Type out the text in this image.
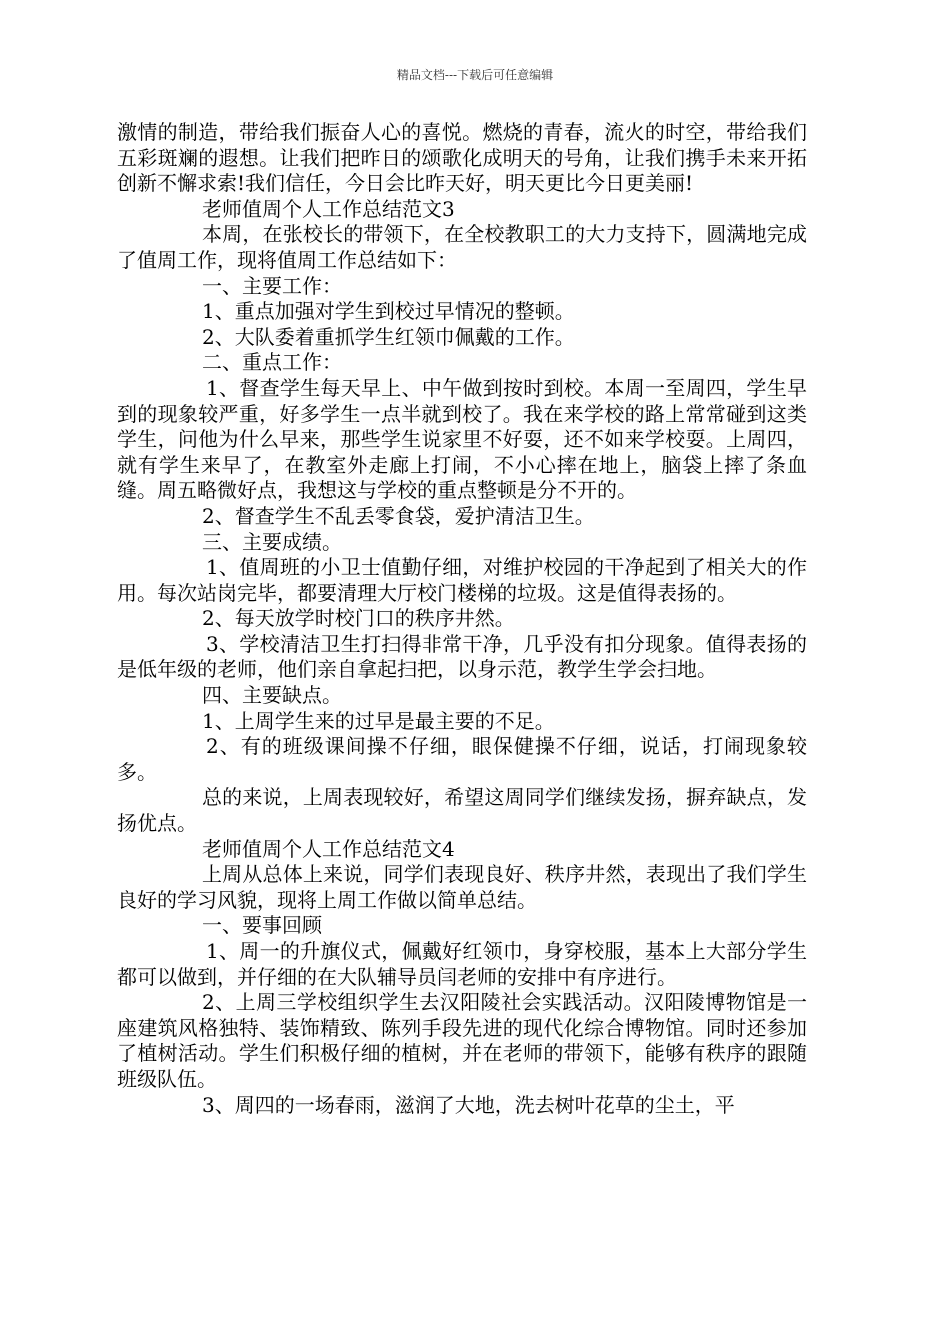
精品文档---下载后可任意编辑

激情的制造，带给我们振奋人心的喜悦。燃烧的青春，流火的时空，带给我们五彩斑斓的遐想。让我们把昨日的颂歌化成明天的号角，让我们携手未来开拓创新不懈求索!我们信任，今日会比昨天好，明天更比今日更美丽!

老师值周个人工作总结范文3

本周，在张校长的带领下，在全校教职工的大力支持下，圆满地完成了值周工作，现将值周工作总结如下：

一、主要工作：

1、重点加强对学生到校过早情况的整顿。

2、大队委着重抓学生红领巾佩戴的工作。

二、重点工作：

1、督查学生每天早上、中午做到按时到校。本周一至周四，学生早到的现象较严重，好多学生一点半就到校了。我在来学校的路上常常碰到这类学生，问他为什么早来，那些学生说家里不好耍，还不如来学校耍。上周四，就有学生来早了，在教室外走廊上打闹，不小心摔在地上，脑袋上摔了条血缝。周五略微好点，我想这与学校的重点整顿是分不开的。

2、督查学生不乱丢零食袋，爱护清洁卫生。

三、主要成绩。

1、值周班的小卫士值勤仔细，对维护校园的干净起到了相关大的作用。每次站岗完毕，都要清理大厅校门楼梯的垃圾。这是值得表扬的。

2、每天放学时校门口的秩序井然。

3、学校清洁卫生打扫得非常干净，几乎没有扣分现象。值得表扬的是低年级的老师，他们亲自拿起扫把，以身示范，教学生学会扫地。

四、主要缺点。

1、上周学生来的过早是最主要的不足。

2、有的班级课间操不仔细，眼保健操不仔细，说话，打闹现象较多。

总的来说，上周表现较好，希望这周同学们继续发扬，摒弃缺点，发扬优点。

老师值周个人工作总结范文4

上周从总体上来说，同学们表现良好、秩序井然，表现出了我们学生良好的学习风貌，现将上周工作做以简单总结。

一、要事回顾

1、周一的升旗仪式，佩戴好红领巾，身穿校服，基本上大部分学生都可以做到，并仔细的在大队辅导员闫老师的安排中有序进行。

2、上周三学校组织学生去汉阳陵社会实践活动。汉阳陵博物馆是一座建筑风格独特、装饰精致、陈列手段先进的现代化综合博物馆。同时还参加了植树活动。学生们积极仔细的植树，并在老师的带领下，能够有秩序的跟随班级队伍。

3、周四的一场春雨，滋润了大地，洗去树叶花草的尘土，平
